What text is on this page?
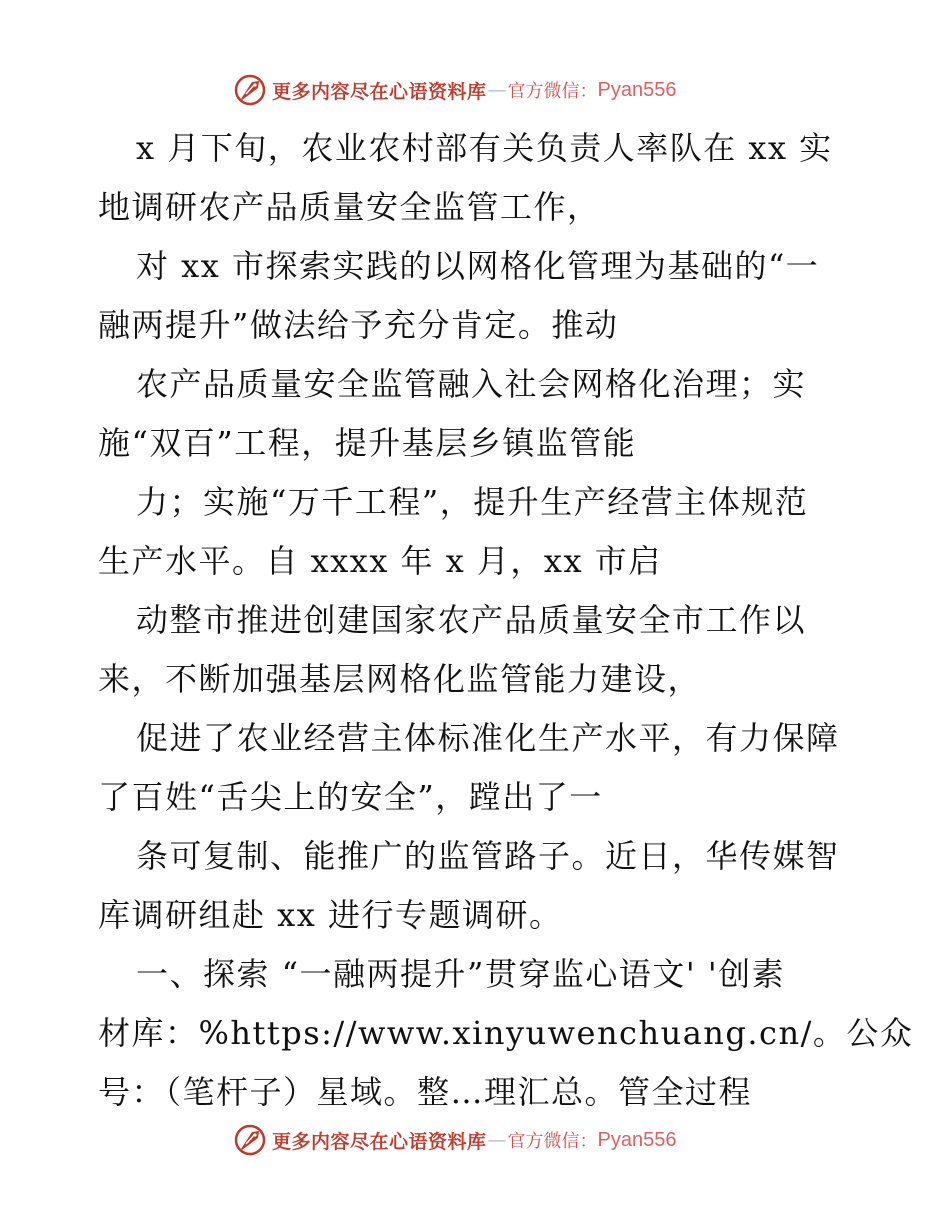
更多内容尽在心语资料库 — 官方微信： Pyan556
x 月下旬，农业农村部有关负责人率队在 xx 实
地调研农产品质量安全监管工作，
对 xx 市探索实践的以网格化管理为基础的“一
融两提升”做法给予充分肯定。推动
农产品质量安全监管融入社会网格化治理；实
施“双百”工程，提升基层乡镇监管能
力；实施“万千工程”，提升生产经营主体规范
生产水平。自 xxxx 年 x 月，xx 市启
动整市推进创建国家农产品质量安全市工作以
来，不断加强基层网格化监管能力建设，
促进了农业经营主体标准化生产水平，有力保障
了百姓“舌尖上的安全”，蹚出了一
条可复制、能推广的监管路子。近日，华传媒智
库调研组赴 xx 进行专题调研。
一、探索 “一融两提升”贯穿监心语文' '创素
材库：%https://www.xinyuwenchuang.cn/。公众
号：（笔杆子）星域。整…理汇总。管全过程
更多内容尽在心语资料库 — 官方微信： Pyan556
